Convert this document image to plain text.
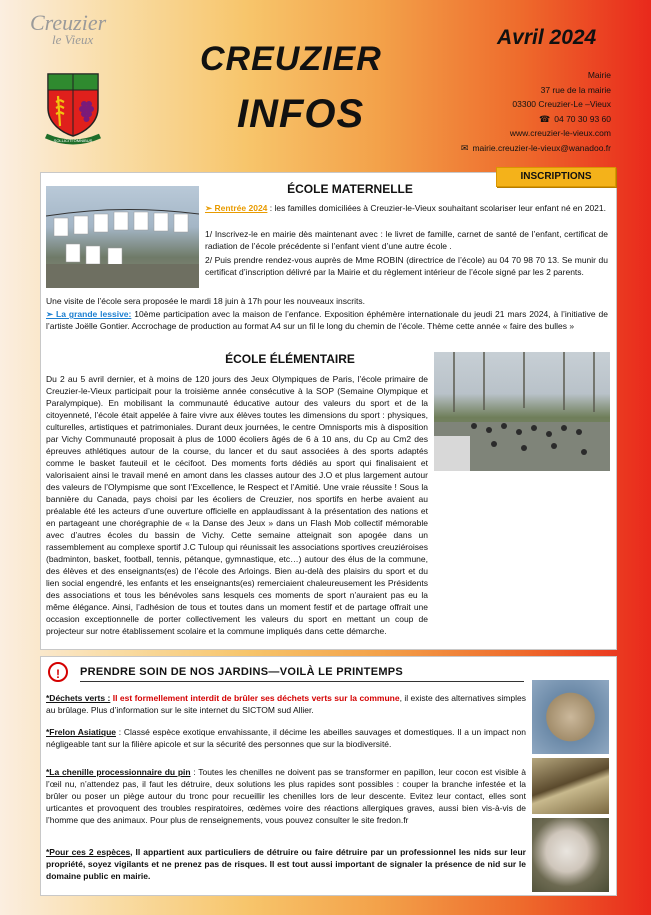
Creuzier
le Vieux
SOLLICITI OMNIBUS
CREUZIER
INFOS
Avril 2024
Mairie
37 rue de la mairie
03300 Creuzier-Le –Vieux
☎ 04 70 30 93 60
www.creuzier-le-vieux.com
✉ mairie.creuzier-le-vieux@wanadoo.fr
INSCRIPTIONS
ÉCOLE MATERNELLE
➢ Rentrée 2024 : les familles domiciliées à Creuzier-le-Vieux souhaitant scolariser leur enfant né en 2021.
1/ Inscrivez-le en mairie dès maintenant avec : le livret de famille, carnet de santé de l’enfant, certificat de radiation de l’école précédente si l’enfant vient d’une autre école .
2/ Puis prendre rendez-vous auprès de Mme ROBIN (directrice de l’école) au 04 70 98 70 13. Se munir du certificat d’inscription délivré par la Mairie et du règlement intérieur de l’école signé par les 2 parents.
Une visite de l’école sera proposée le mardi 18 juin à 17h pour les nouveaux inscrits.
➢ La grande lessive: 10ème participation avec la maison de l’enfance. Exposition éphémère internationale du jeudi 21 mars 2024, à l’initiative de l’artiste Joëlle Gontier. Accrochage de production au format A4 sur un fil le long du chemin de l’école. Thème cette année « faire des bulles »
ÉCOLE ÉLÉMENTAIRE
Du 2 au 5 avril dernier, et à moins de 120 jours des Jeux Olympiques de Paris, l’école primaire de Creuzier-le-Vieux participait pour la troisième année consécutive à la SOP (Semaine Olympique et Paralympique). En mobilisant la communauté éducative autour des valeurs du sport et de la citoyenneté, l’école était appelée à faire vivre aux élèves toutes les dimensions du sport : physiques, culturelles, artistiques et patrimoniales. Durant deux journées, le centre Omnisports mis à disposition par Vichy Communauté proposait à plus de 1000 écoliers âgés de 6 à 10 ans, du Cp au Cm2 des épreuves athlétiques autour de la course, du lancer et du saut associées à des sports adaptés comme le basket fauteuil et le cécifoot. Des moments forts dédiés au sport qui finalisaient et valorisaient ainsi le travail mené en amont dans les classes autour des J.O et plus largement autour des valeurs de l’Olympisme que sont l’Excellence, le Respect et l’Amitié. Une vraie réussite ! Sous la bannière du Canada, pays choisi par les écoliers de Creuzier, nos sportifs en herbe avaient au préalable été les acteurs d’une ouverture officielle en applaudissant à la présentation des nations et en partageant une chorégraphie de « la Danse des Jeux » dans un Flash Mob collectif mémorable avec d’autres écoles du bassin de Vichy. Cette semaine atteignait son apogée dans un rassemblement au complexe sportif J.C Tuloup qui réunissait les associations sportives creuziéroises (badminton, basket, football, tennis, pétanque, gymnastique, etc…) autour des élus de la commune, des élèves et des enseignants(es) de l’école des Arloings. Bien au-delà des plaisirs du sport et du lien social engendré, les enfants et les enseignants(es) remerciaient chaleureusement les Présidents des associations et tous les bénévoles sans lesquels ces moments de sport n’auraient pas eu la même élégance. Ainsi, l’adhésion de tous et toutes dans un moment festif et de partage offrait une occasion exceptionnelle de porter collectivement les valeurs du sport en mettant un coup de projecteur sur notre établissement scolaire et la commune impliqués dans cette démarche.
!	PRENDRE SOIN DE NOS JARDINS—VOILÀ LE PRINTEMPS
*Déchets verts : Il est formellement interdit de brûler ses déchets verts sur la commune, il existe des alternatives simples au brûlage. Plus d’information sur le site internet du SICTOM sud Allier.
*Frelon Asiatique : Classé espèce exotique envahissante, il décime les abeilles sauvages et domestiques. Il a un impact non négligeable tant sur la filière apicole et sur la sécurité des personnes que sur la biodiversité.
*La chenille processionnaire du pin : Toutes les chenilles ne doivent pas se transformer en papillon, leur cocon est visible à l’œil nu, n’attendez pas, il faut les détruire, deux solutions les plus rapides sont possibles : couper la branche infestée et la brûler ou poser un piège autour du tronc pour recueillir les chenilles lors de leur descente. Evitez leur contact, elles sont urticantes et provoquent des troubles respiratoires, œdèmes voire des réactions allergiques graves, aussi bien vis-à-vis de l’homme que des animaux. Pour plus de renseignements, vous pouvez consulter le site fredon.fr
*Pour ces 2 espèces, Il appartient aux particuliers de détruire ou faire détruire par un professionnel les nids sur leur propriété, soyez vigilants et ne prenez pas de risques. Il est tout aussi important de signaler la présence de nid sur le domaine public en mairie.
